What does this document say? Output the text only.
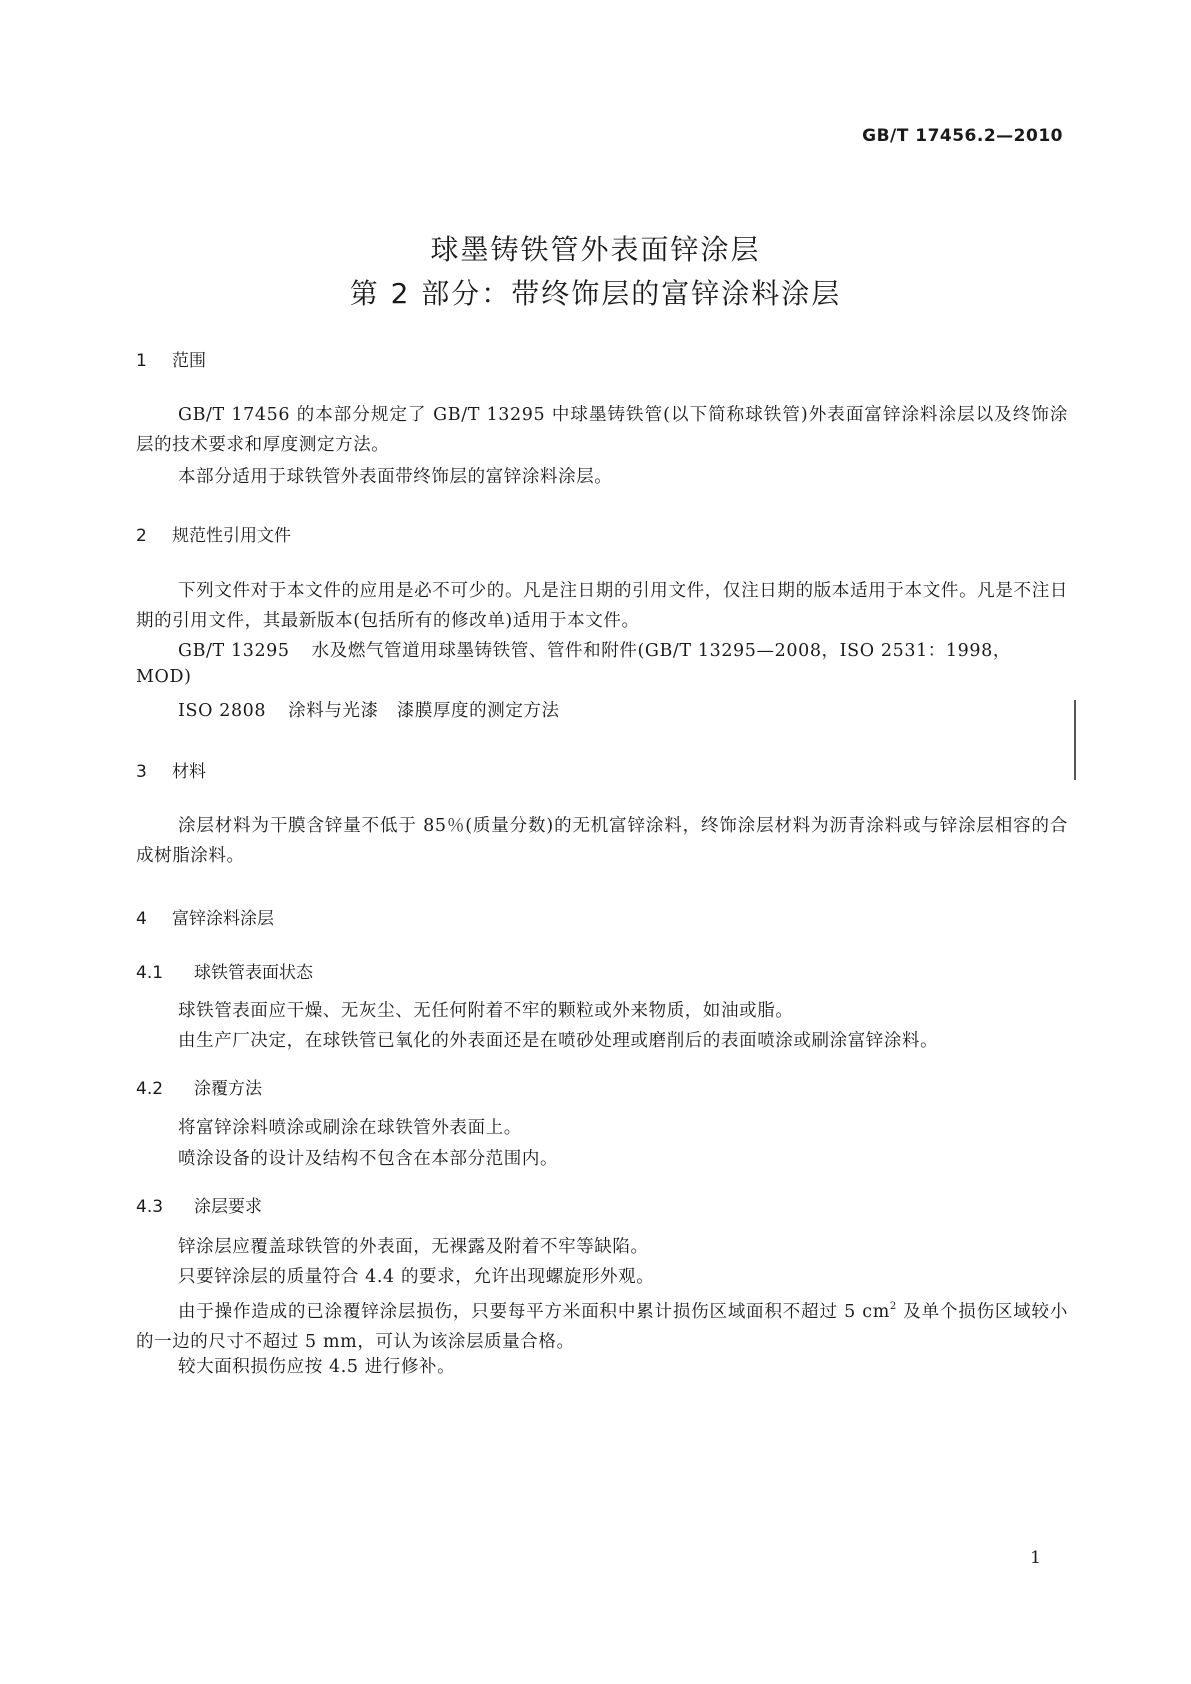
GB/T 17456.2—2010
球墨铸铁管外表面锌涂层
第 2 部分：带终饰层的富锌涂料涂层
1 范围
GB/T 17456 的本部分规定了 GB/T 13295 中球墨铸铁管(以下简称球铁管)外表面富锌涂料涂层以及终饰涂层的技术要求和厚度测定方法。
本部分适用于球铁管外表面带终饰层的富锌涂料涂层。
2 规范性引用文件
下列文件对于本文件的应用是必不可少的。凡是注日期的引用文件，仅注日期的版本适用于本文件。凡是不注日期的引用文件，其最新版本(包括所有的修改单)适用于本文件。
GB/T 13295 水及燃气管道用球墨铸铁管、管件和附件(GB/T 13295—2008，ISO 2531：1998，
MOD)
ISO 2808 涂料与光漆　漆膜厚度的测定方法
3 材料
涂层材料为干膜含锌量不低于 85％(质量分数)的无机富锌涂料，终饰涂层材料为沥青涂料或与锌涂层相容的合成树脂涂料。
4 富锌涂料涂层
4.1 球铁管表面状态
球铁管表面应干燥、无灰尘、无任何附着不牢的颗粒或外来物质，如油或脂。
由生产厂决定，在球铁管已氧化的外表面还是在喷砂处理或磨削后的表面喷涂或刷涂富锌涂料。
4.2 涂覆方法
将富锌涂料喷涂或刷涂在球铁管外表面上。
喷涂设备的设计及结构不包含在本部分范围内。
4.3 涂层要求
锌涂层应覆盖球铁管的外表面，无裸露及附着不牢等缺陷。
只要锌涂层的质量符合 4.4 的要求，允许出现螺旋形外观。
由于操作造成的已涂覆锌涂层损伤，只要每平方米面积中累计损伤区域面积不超过 5 $cm^2$ 及单个损伤区域较小的一边的尺寸不超过 5 mm，可认为该涂层质量合格。
较大面积损伤应按 4.5 进行修补。
1
